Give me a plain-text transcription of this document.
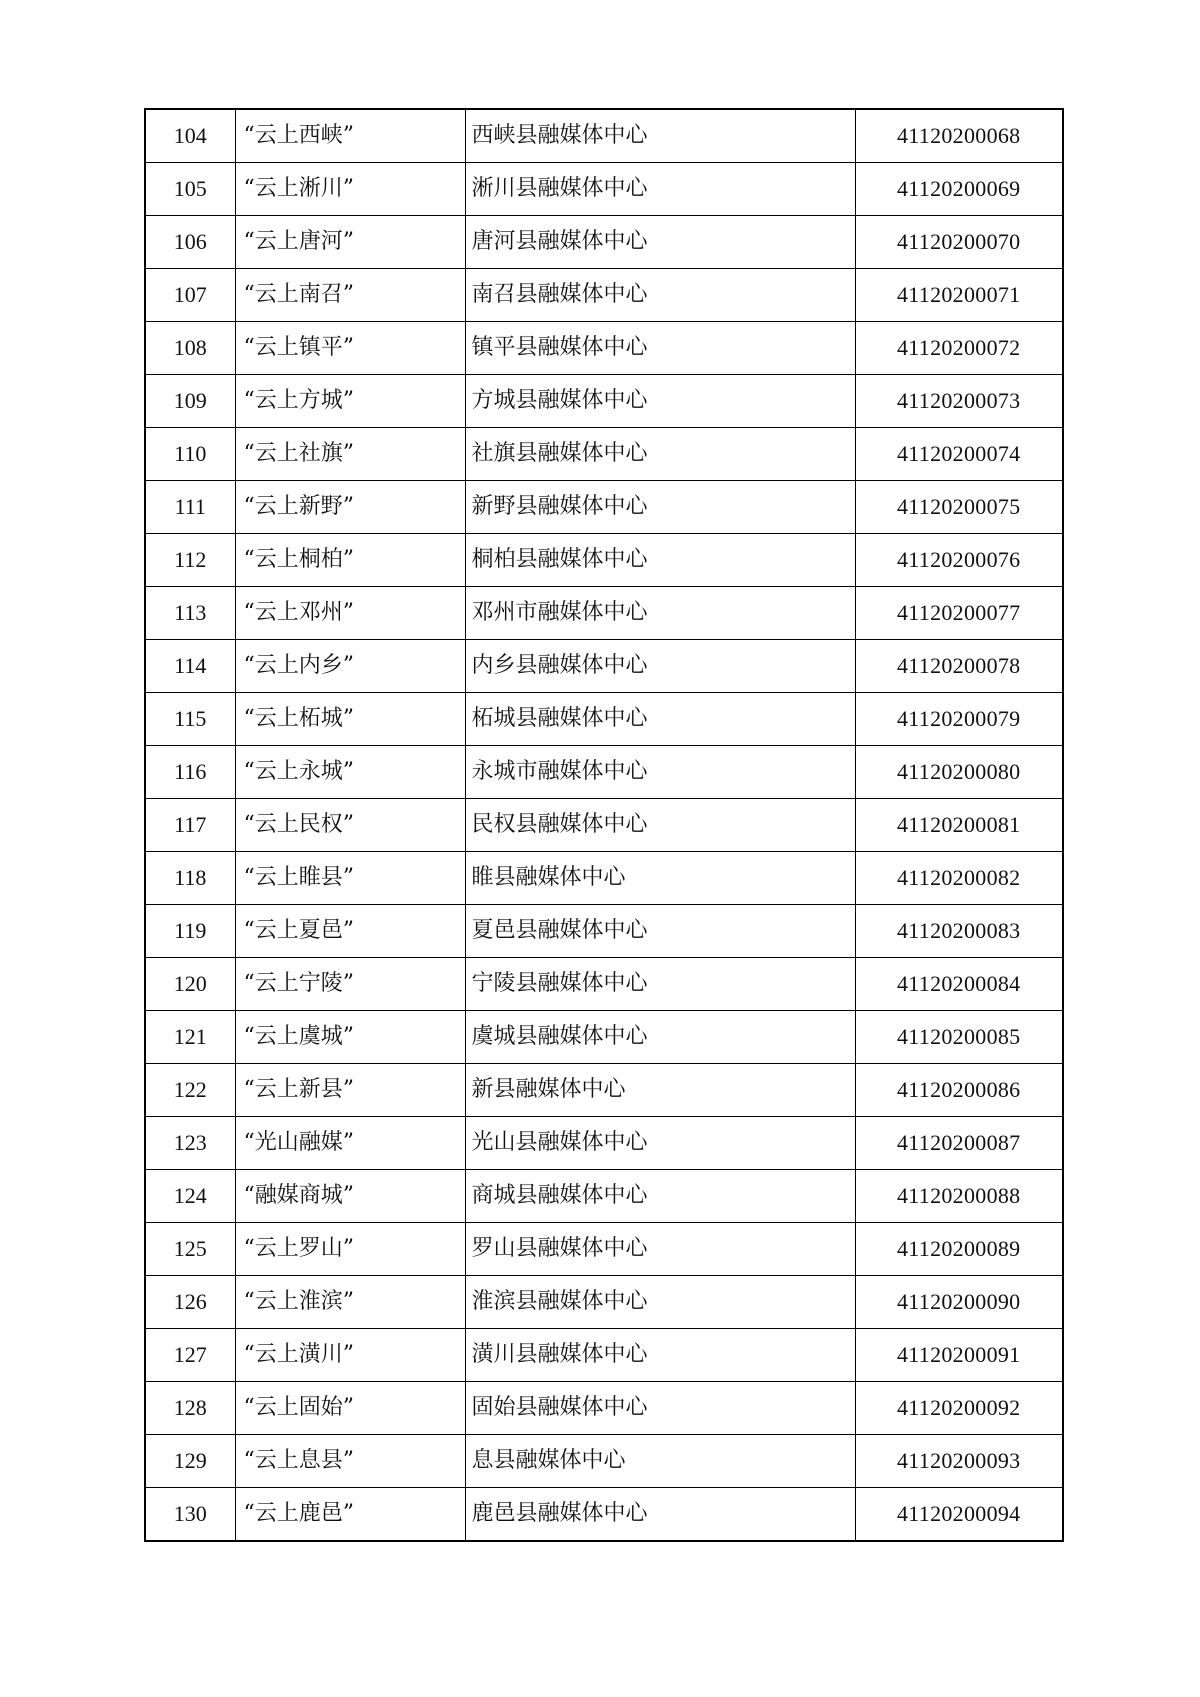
104	“云上西峡”	西峡县融媒体中心	41120200068
105	“云上淅川”	淅川县融媒体中心	41120200069
106	“云上唐河”	唐河县融媒体中心	41120200070
107	“云上南召”	南召县融媒体中心	41120200071
108	“云上镇平”	镇平县融媒体中心	41120200072
109	“云上方城”	方城县融媒体中心	41120200073
110	“云上社旗”	社旗县融媒体中心	41120200074
111	“云上新野”	新野县融媒体中心	41120200075
112	“云上桐柏”	桐柏县融媒体中心	41120200076
113	“云上邓州”	邓州市融媒体中心	41120200077
114	“云上内乡”	内乡县融媒体中心	41120200078
115	“云上柘城”	柘城县融媒体中心	41120200079
116	“云上永城”	永城市融媒体中心	41120200080
117	“云上民权”	民权县融媒体中心	41120200081
118	“云上睢县”	睢县融媒体中心	41120200082
119	“云上夏邑”	夏邑县融媒体中心	41120200083
120	“云上宁陵”	宁陵县融媒体中心	41120200084
121	“云上虞城”	虞城县融媒体中心	41120200085
122	“云上新县”	新县融媒体中心	41120200086
123	“光山融媒”	光山县融媒体中心	41120200087
124	“融媒商城”	商城县融媒体中心	41120200088
125	“云上罗山”	罗山县融媒体中心	41120200089
126	“云上淮滨”	淮滨县融媒体中心	41120200090
127	“云上潢川”	潢川县融媒体中心	41120200091
128	“云上固始”	固始县融媒体中心	41120200092
129	“云上息县”	息县融媒体中心	41120200093
130	“云上鹿邑”	鹿邑县融媒体中心	41120200094
